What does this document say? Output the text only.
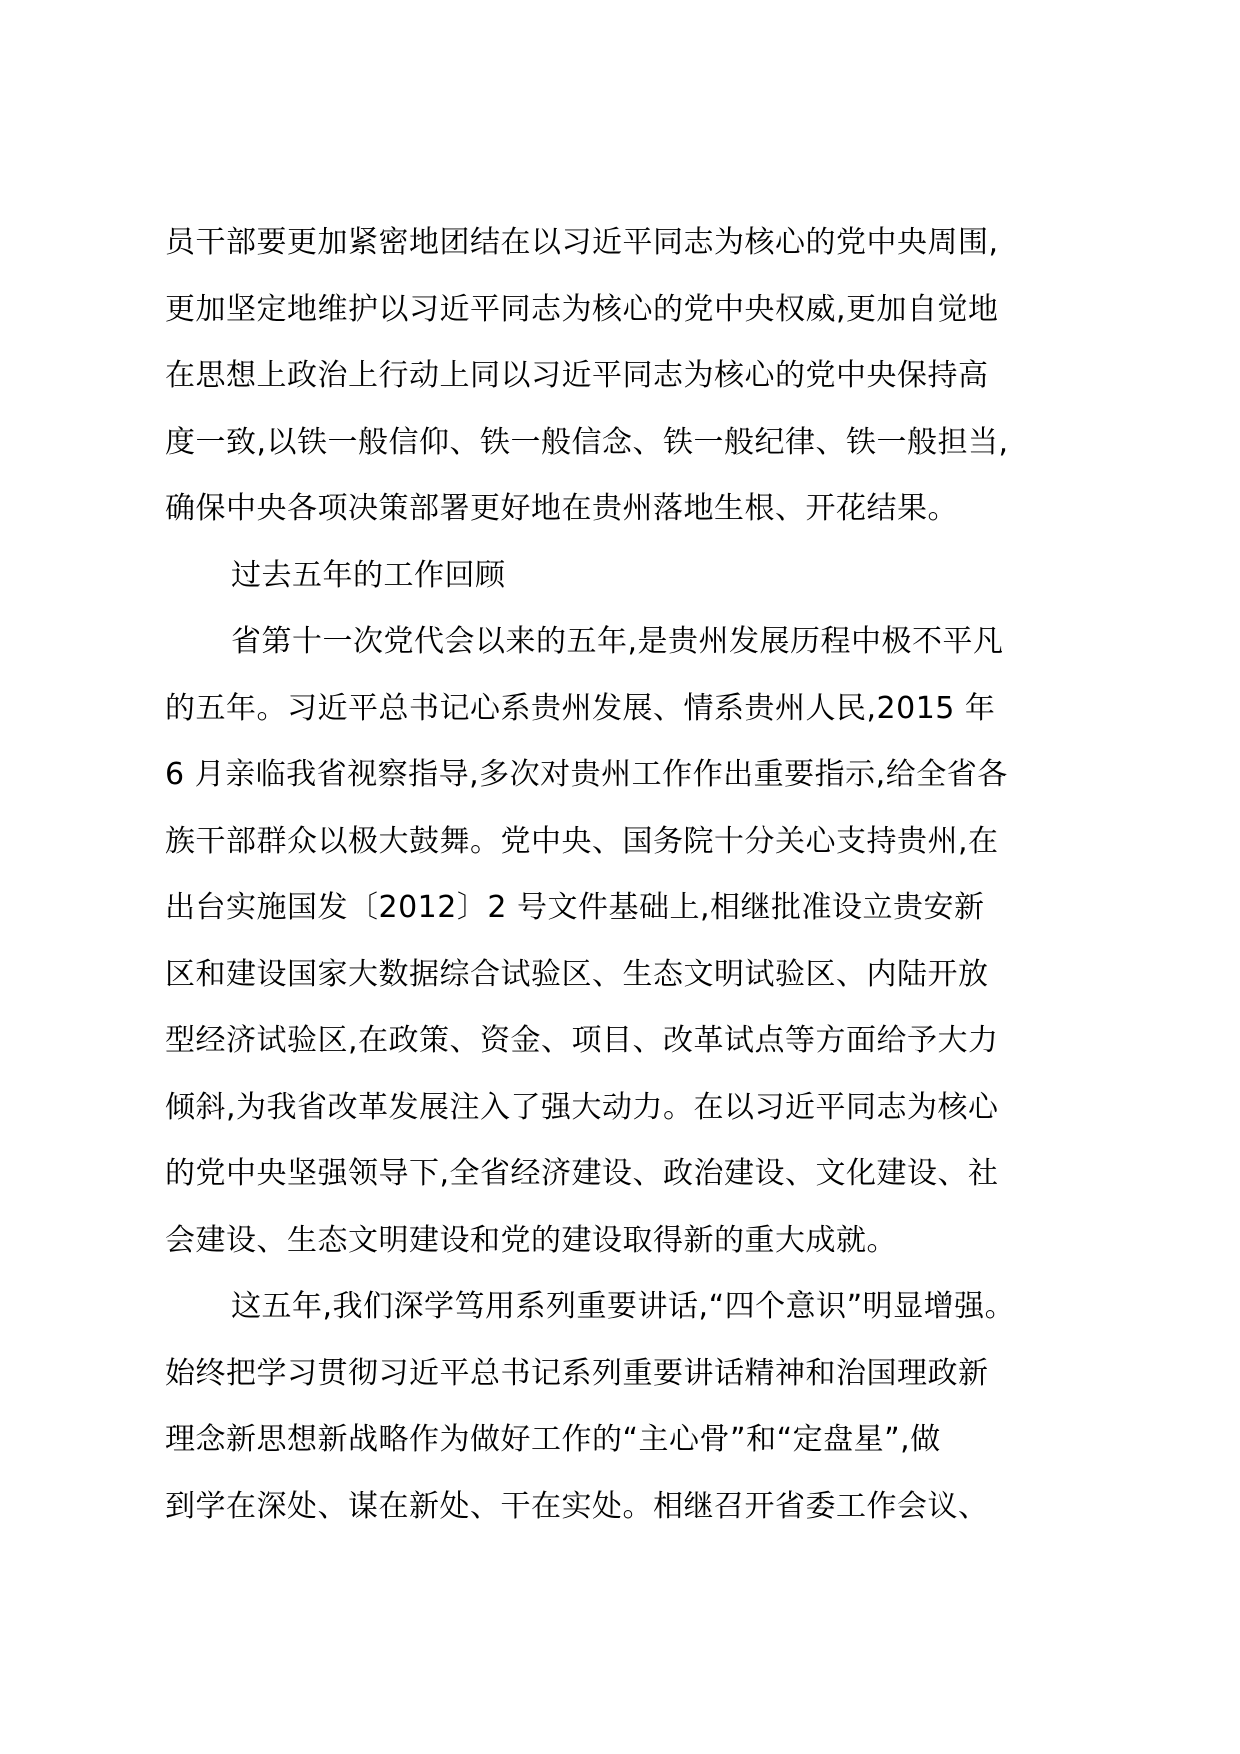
员干部要更加紧密地团结在以习近平同志为核心的党中央周围,
更加坚定地维护以习近平同志为核心的党中央权威,更加自觉地
在思想上政治上行动上同以习近平同志为核心的党中央保持高
度一致,以铁一般信仰、铁一般信念、铁一般纪律、铁一般担当,
确保中央各项决策部署更好地在贵州落地生根、开花结果。
过去五年的工作回顾
省第十一次党代会以来的五年,是贵州发展历程中极不平凡
的五年。习近平总书记心系贵州发展、情系贵州人民,2015 年
6 月亲临我省视察指导,多次对贵州工作作出重要指示,给全省各
族干部群众以极大鼓舞。党中央、国务院十分关心支持贵州,在
出台实施国发〔2012〕2 号文件基础上,相继批准设立贵安新
区和建设国家大数据综合试验区、生态文明试验区、内陆开放
型经济试验区,在政策、资金、项目、改革试点等方面给予大力
倾斜,为我省改革发展注入了强大动力。在以习近平同志为核心
的党中央坚强领导下,全省经济建设、政治建设、文化建设、社
会建设、生态文明建设和党的建设取得新的重大成就。
这五年,我们深学笃用系列重要讲话,“四个意识”明显增强。
始终把学习贯彻习近平总书记系列重要讲话精神和治国理政新
理念新思想新战略作为做好工作的“主心骨”和“定盘星”,做
到学在深处、谋在新处、干在实处。相继召开省委工作会议、
